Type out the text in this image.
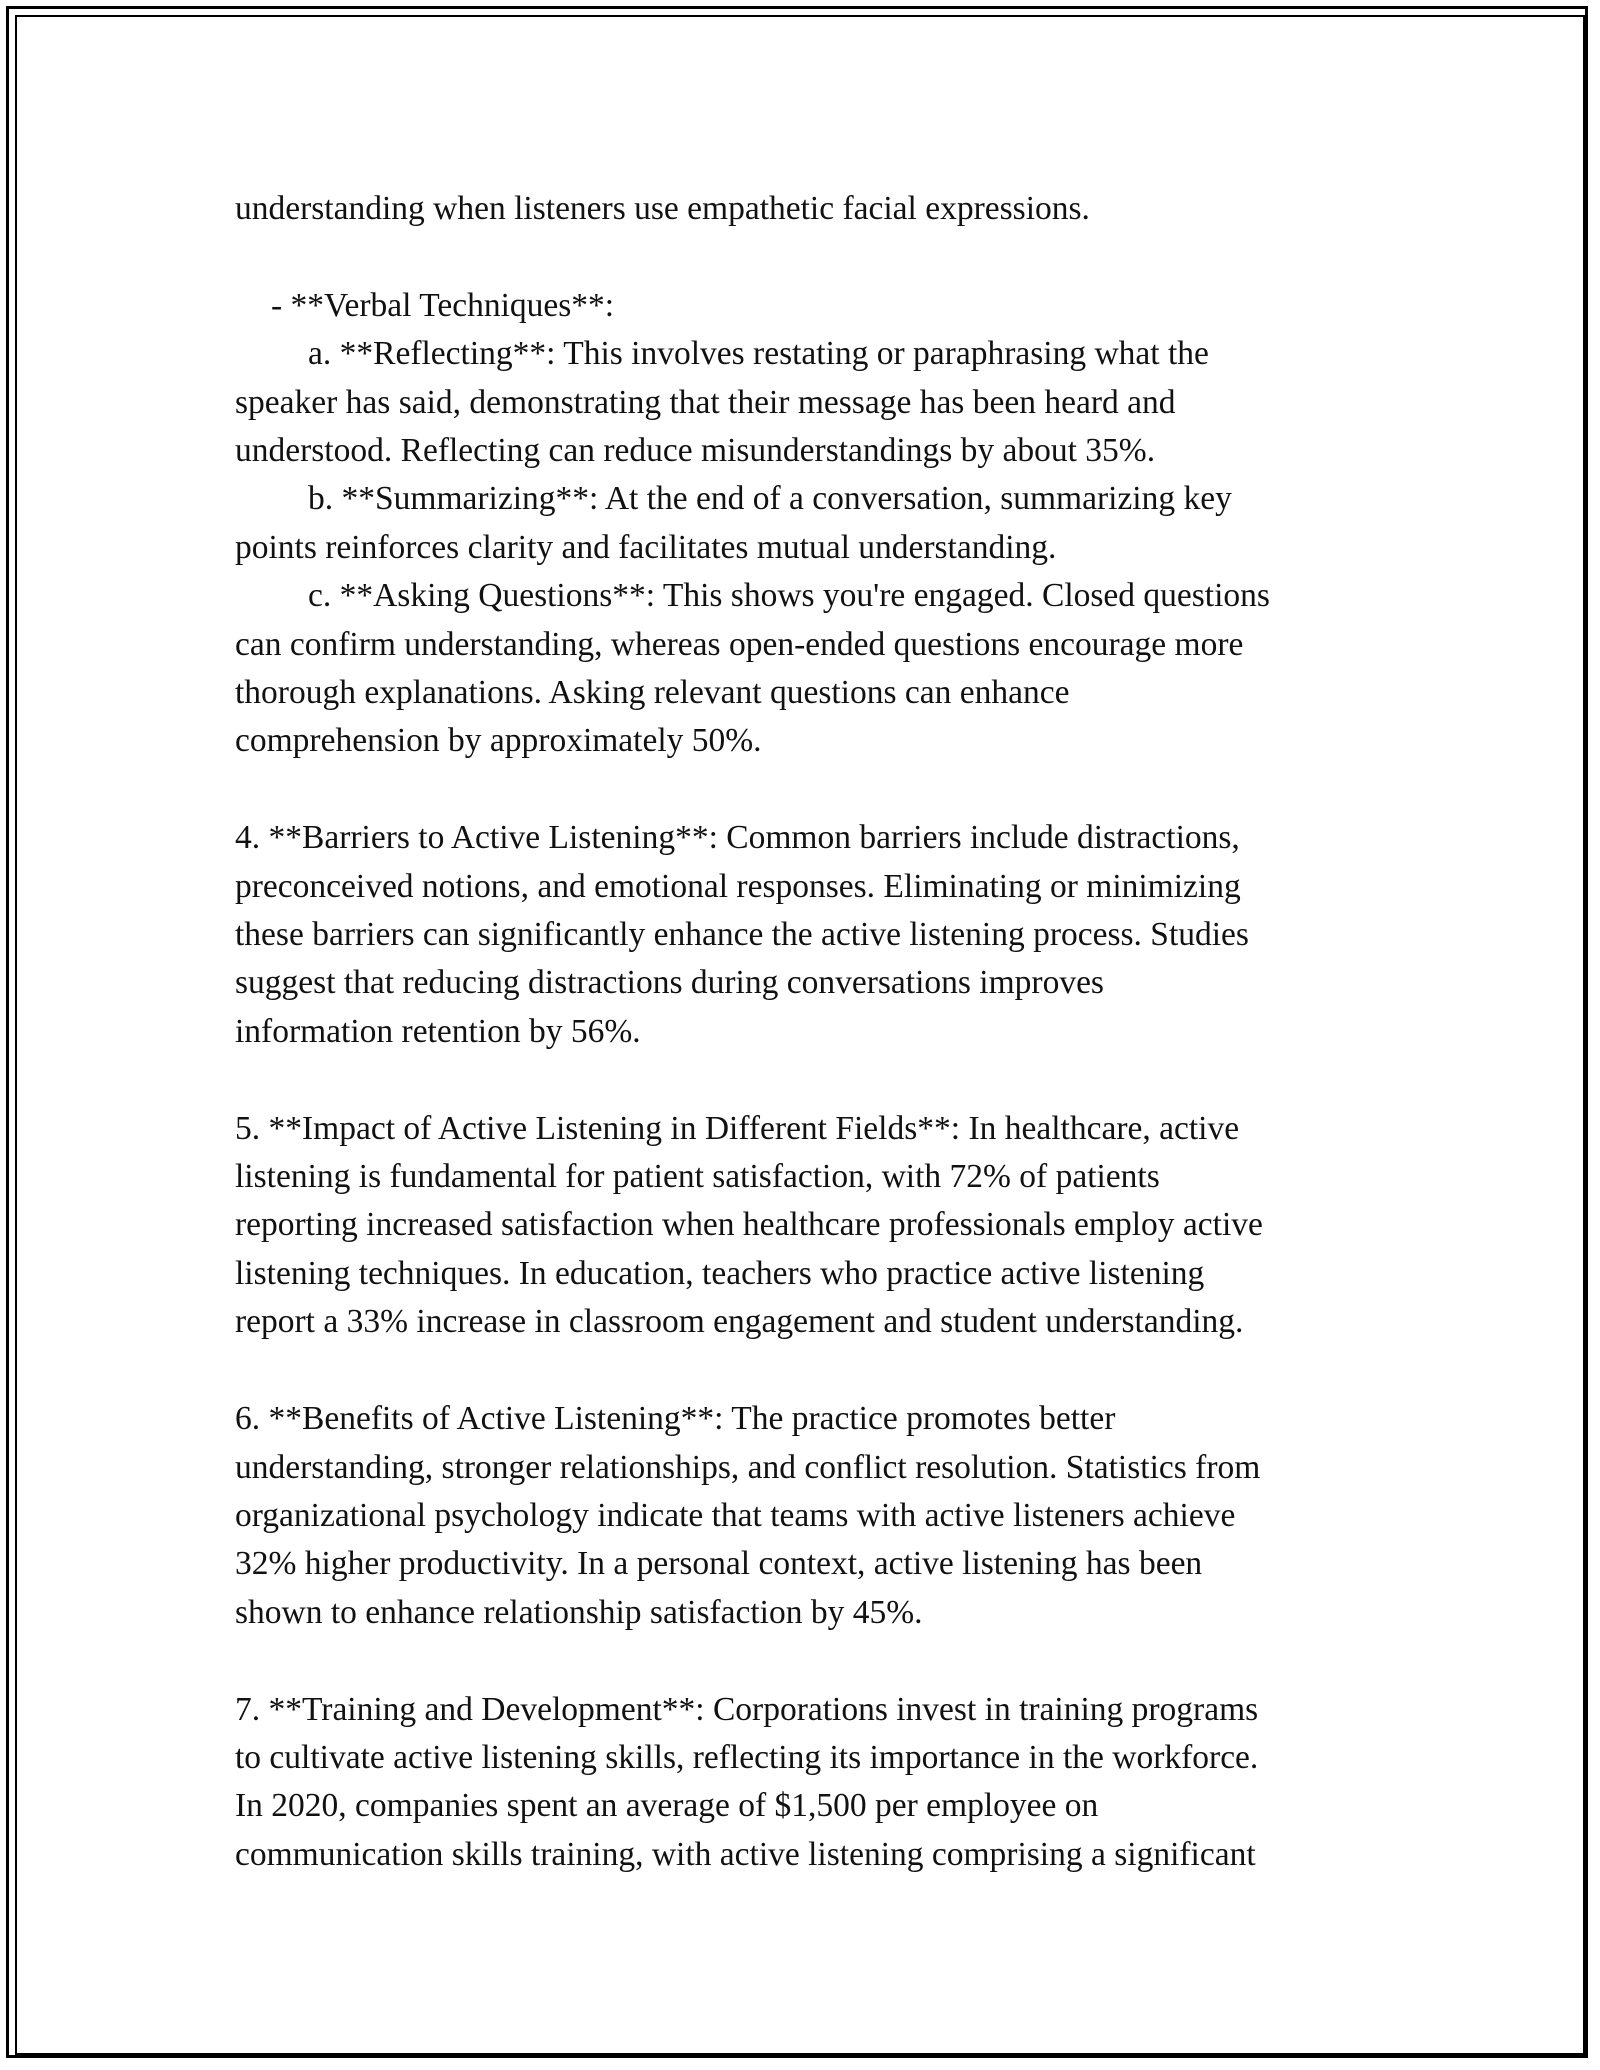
understanding when listeners use empathetic facial expressions.
- **Verbal Techniques**:
a. **Reflecting**: This involves restating or paraphrasing what the
speaker has said, demonstrating that their message has been heard and
understood. Reflecting can reduce misunderstandings by about 35%.
b. **Summarizing**: At the end of a conversation, summarizing key
points reinforces clarity and facilitates mutual understanding.
c. **Asking Questions**: This shows you're engaged. Closed questions
can confirm understanding, whereas open-ended questions encourage more
thorough explanations. Asking relevant questions can enhance
comprehension by approximately 50%.
4. **Barriers to Active Listening**: Common barriers include distractions,
preconceived notions, and emotional responses. Eliminating or minimizing
these barriers can significantly enhance the active listening process. Studies
suggest that reducing distractions during conversations improves
information retention by 56%.
5. **Impact of Active Listening in Different Fields**: In healthcare, active
listening is fundamental for patient satisfaction, with 72% of patients
reporting increased satisfaction when healthcare professionals employ active
listening techniques. In education, teachers who practice active listening
report a 33% increase in classroom engagement and student understanding.
6. **Benefits of Active Listening**: The practice promotes better
understanding, stronger relationships, and conflict resolution. Statistics from
organizational psychology indicate that teams with active listeners achieve
32% higher productivity. In a personal context, active listening has been
shown to enhance relationship satisfaction by 45%.
7. **Training and Development**: Corporations invest in training programs
to cultivate active listening skills, reflecting its importance in the workforce.
In 2020, companies spent an average of $1,500 per employee on
communication skills training, with active listening comprising a significant
